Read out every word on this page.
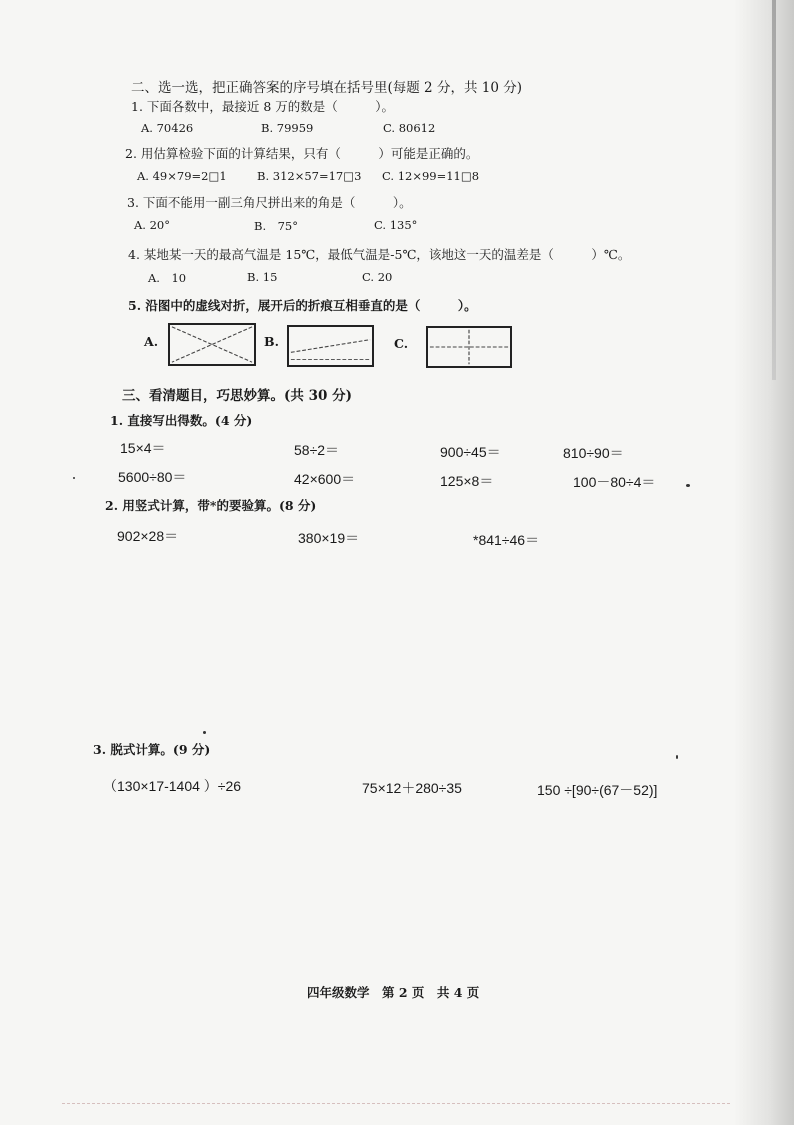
二、选一选，把正确答案的序号填在括号里(每题 2 分，共 10 分)
1. 下面各数中，最接近 8 万的数是（　　　）。
A. 70426	B. 79959	C. 80612
2. 用估算检验下面的计算结果，只有（　　　）可能是正确的。
A. 49×79=2□1	B. 312×57=17□3 C. 12×99=11□8
3. 下面不能用一副三角尺拼出来的角是（　　　）。
A. 20°	B.　75°	C. 135°
4. 某地某一天的最高气温是 15℃，最低气温是-5℃，该地这一天的温差是（　　　）℃。
A.　10	B. 15	C. 20
5. 沿图中的虚线对折，展开后的折痕互相垂直的是（　　　）。
A.	B.	C.
三、看清题目，巧思妙算。(共 30 分)
1. 直接写出得数。(4 分)
15×4＝	58÷2＝	900÷45＝	810÷90＝
5600÷80＝	42×600＝	125×8＝	100－80÷4＝
2. 用竖式计算，带*的要验算。(8 分)
902×28＝	380×19＝	*841÷46＝
3. 脱式计算。(9 分)
（130×17-1404 ）÷26	75×12＋280÷35	150 ÷[90÷(67－52)]
四年级数学　第 2 页　共 4 页
